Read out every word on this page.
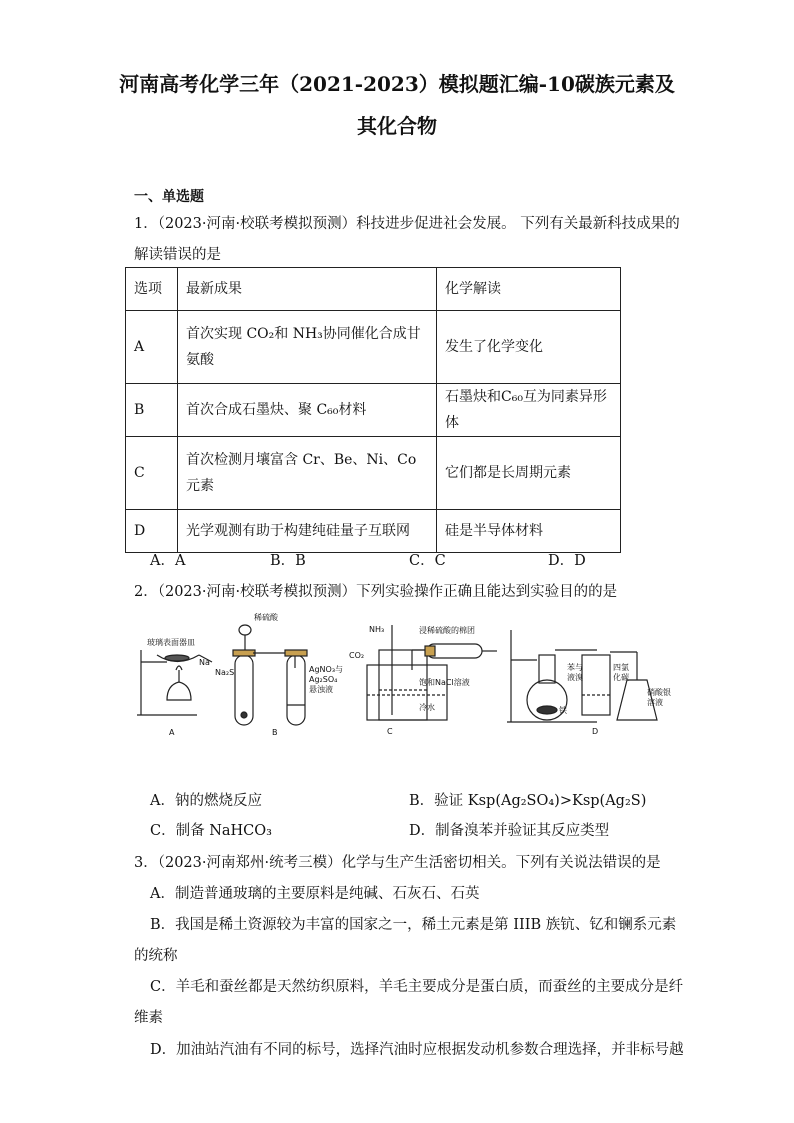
河南高考化学三年（2021-2023）模拟题汇编-10碳族元素及
其化合物
一、单选题
1．（2023·河南·校联考模拟预测）科技进步促进社会发展。 下列有关最新科技成果的
解读错误的是
选项	最新成果	化学解读
A	首次实现 CO₂和 NH₃协同催化合成甘氨酸	发生了化学变化
B	首次合成石墨炔、聚 C₆₀材料	石墨炔和C₆₀互为同素异形体
C	首次检测月壤富含 Cr、Be、Ni、Co 元素	它们都是长周期元素
D	光学观测有助于构建纯硅量子互联网	硅是半导体材料
A．A	B．B	C．C	D．D
2．（2023·河南·校联考模拟预测）下列实验操作正确且能达到实验目的的是
玻璃表面器皿
Na
A
稀硫酸
Na₂S	AgNO₃与
Ag₂SO₄
悬浊液
B
NH₃
CO₂
浸稀硫酸的棉团
饱和NaCl溶液
冷水
C
苯与
液溴
铁
四氯
化碳
硝酸银
溶液
D
A．钠的燃烧反应	B．验证 Ksp(Ag₂SO₄)>Ksp(Ag₂S)
C．制备 NaHCO₃	D．制备溴苯并验证其反应类型
3．（2023·河南郑州·统考三模）化学与生产生活密切相关。下列有关说法错误的是
A．制造普通玻璃的主要原料是纯碱、石灰石、石英
B．我国是稀土资源较为丰富的国家之一，稀土元素是第 IIIB 族钪、钇和镧系元素
的统称
C．羊毛和蚕丝都是天然纺织原料，羊毛主要成分是蛋白质，而蚕丝的主要成分是纤
维素
D．加油站汽油有不同的标号，选择汽油时应根据发动机参数合理选择，并非标号越
